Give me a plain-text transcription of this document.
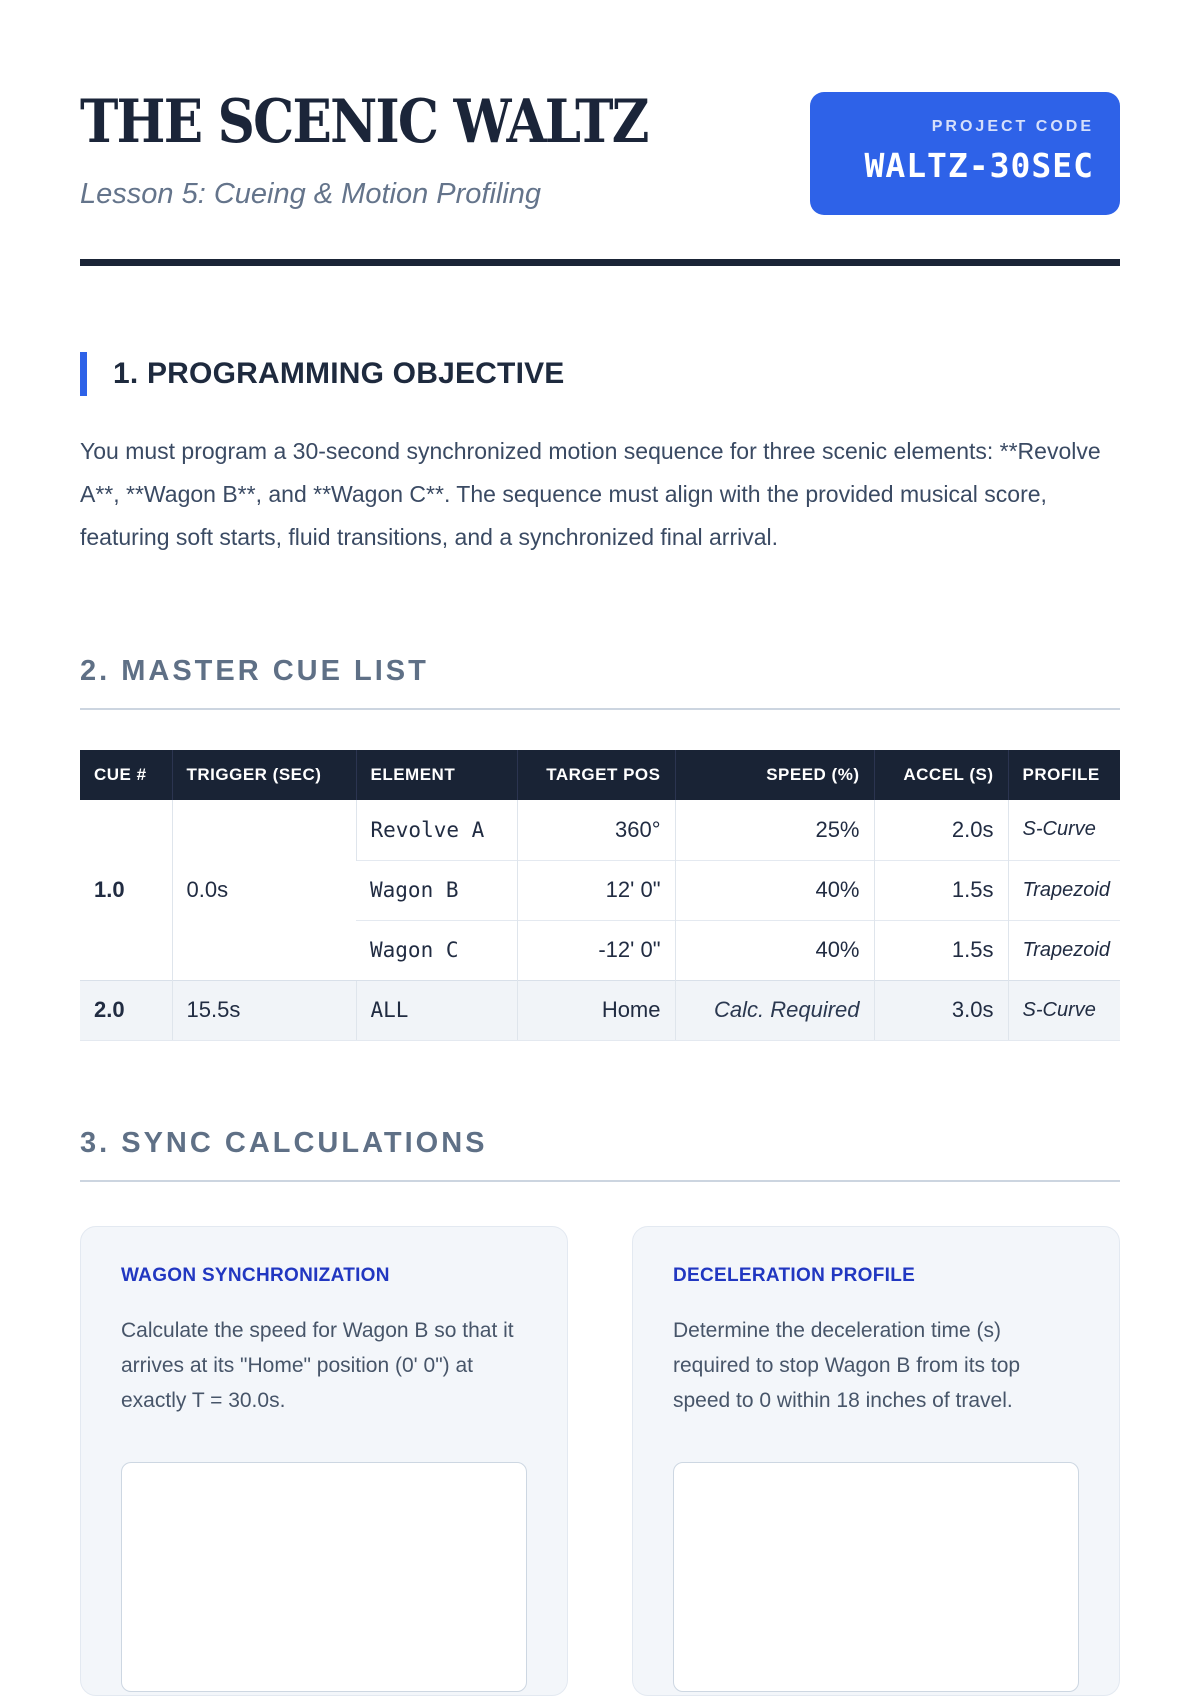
THE SCENIC WALTZ
Lesson 5: Cueing & Motion Profiling
PROJECT CODE
WALTZ-30SEC
1. PROGRAMMING OBJECTIVE

You must program a 30-second synchronized motion sequence for three scenic elements: **Revolve A**, **Wagon B**, and **Wagon C**. The sequence must align with the provided musical score, featuring soft starts, fluid transitions, and a synchronized final arrival.

2. MASTER CUE LIST
CUE #	TRIGGER (SEC)	ELEMENT	TARGET POS	SPEED (%)	ACCEL (S)	PROFILE
1.0	0.0s	Revolve A	360°	25%	2.0s	S-Curve
		Wagon B	12' 0"	40%	1.5s	Trapezoid
		Wagon C	-12' 0"	40%	1.5s	Trapezoid
2.0	15.5s	ALL	Home	Calc. Required	3.0s	S-Curve
3. SYNC CALCULATIONS
WAGON SYNCHRONIZATION
Calculate the speed for Wagon B so that it arrives at its "Home" position (0' 0") at exactly T = 30.0s.
DECELERATION PROFILE
Determine the deceleration time (s) required to stop Wagon B from its top speed to 0 within 18 inches of travel.
